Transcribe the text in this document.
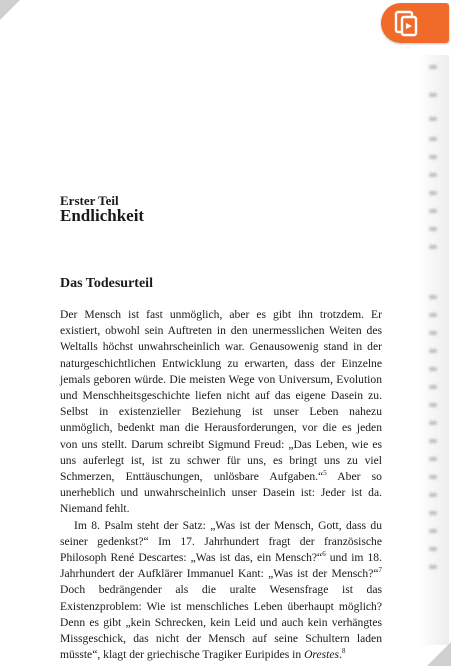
Erster Teil
Endlichkeit
Das Todesurteil

Der Mensch ist fast unmöglich, aber es gibt ihn trotzdem. Er existiert, obwohl sein Auftreten in den unermesslichen Weiten des Weltalls höchst unwahrscheinlich war. Genausowenig stand in der naturgeschichtlichen Entwicklung zu erwarten, dass der Einzelne jemals geboren würde. Die meisten Wege von Universum, Evolution und Menschheitsgeschichte liefen nicht auf das eigene Dasein zu. Selbst in existenzieller Beziehung ist unser Leben nahezu unmöglich, bedenkt man die Herausforderungen, vor die es jeden von uns stellt. Darum schreibt Sigmund Freud: „Das Leben, wie es uns auferlegt ist, ist zu schwer für uns, es bringt uns zu viel Schmerzen, Enttäuschungen, unlösbare Aufgaben.“$^5$ Aber so unerheblich und unwahrscheinlich unser Dasein ist: Jeder ist da. Niemand fehlt.

Im 8. Psalm steht der Satz: „Was ist der Mensch, Gott, dass du seiner gedenkst?“ Im 17. Jahrhundert fragt der französische Philosoph René Descartes: „Was ist das, ein Mensch?“$^6$ und im 18. Jahrhundert der Aufklärer Immanuel Kant: „Was ist der Mensch?“$^7$ Doch bedrängender als die uralte Wesensfrage ist das Existenzproblem: Wie ist menschliches Leben überhaupt möglich? Denn es gibt „kein Schrecken, kein Leid und auch kein verhängtes Missgeschick, das nicht der Mensch auf seine Schultern laden müsste“, klagt der griechische Tragiker Euripides in Orestes.$^8$
